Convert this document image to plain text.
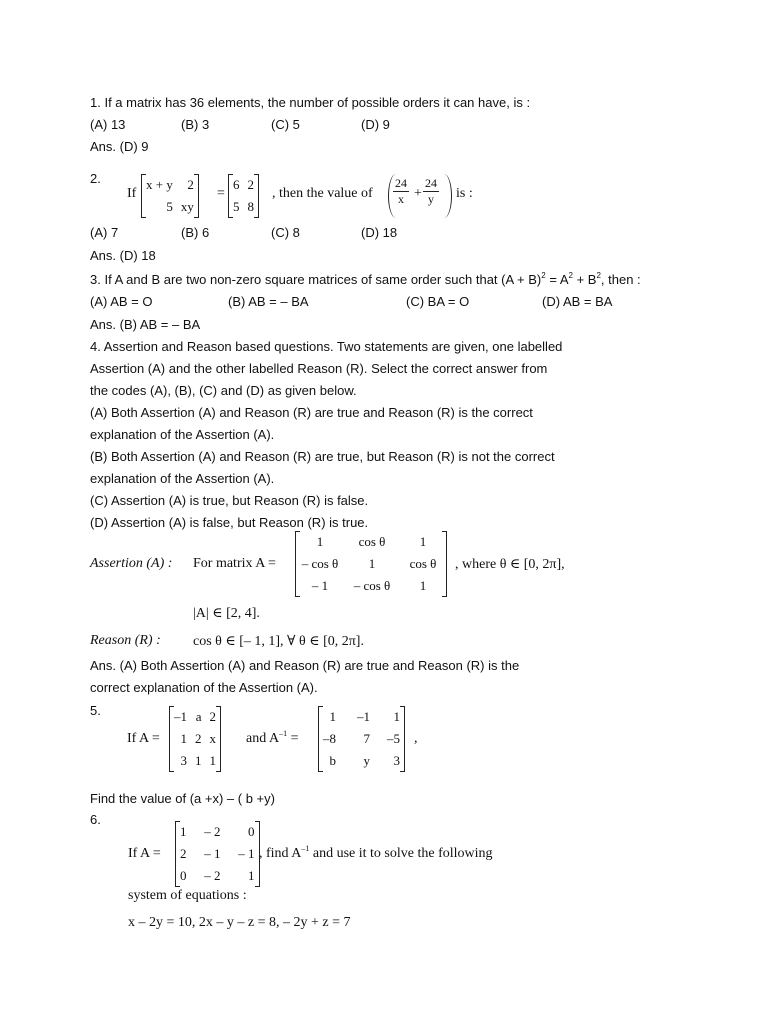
1. If a matrix has 36 elements, the number of possible orders it can have, is :
(A) 13	(B) 3	(C) 5	(D) 9
Ans. (D) 9
2.
If
x + y	2
5	xy
=
6	2
5	8
, then the value of $\frac{24}{x} + \frac{24}{y}$ is :
(A) 7	(B) 6	(C) 8	(D) 18
Ans. (D) 18
3. If A and B are two non-zero square matrices of same order such that $(A + B)^2 = A^2 + B^2$, then :
(A) AB = O	(B) AB = – BA	(C) BA = O	(D) AB = BA
Ans. (B) AB = – BA
4. Assertion and Reason based questions. Two statements are given, one labelled
Assertion (A) and the other labelled Reason (R). Select the correct answer from
the codes (A), (B), (C) and (D) as given below.
(A) Both Assertion (A) and Reason (R) are true and Reason (R) is the correct
explanation of the Assertion (A).
(B) Both Assertion (A) and Reason (R) are true, but Reason (R) is not the correct
explanation of the Assertion (A).
(C) Assertion (A) is true, but Reason (R) is false.
(D) Assertion (A) is false, but Reason (R) is true.
Assertion (A) : For matrix A =
1	cos θ	1
– cos θ	1	cos θ
– 1	– cos θ	1
, where θ ∈ [0, 2π],
|A| ∈ [2, 4].
Reason (R) : cos θ ∈ [– 1, 1], ∀ θ ∈ [0, 2π].
Ans. (A) Both Assertion (A) and Reason (R) are true and Reason (R) is the
correct explanation of the Assertion (A).
5.
If A =
–1	a	2
1	2	x
3	1	1
and $A^{-1}$ =
1	–1	1
–8	7	–5
b	y	3
,
Find the value of (a +x) – ( b +y)
6.
If A =
1	– 2	0
2	– 1	– 1
0	– 2	1
, find $A^{-1}$ and use it to solve the following
system of equations :
x – 2y = 10, 2x – y – z = 8, – 2y + z = 7
